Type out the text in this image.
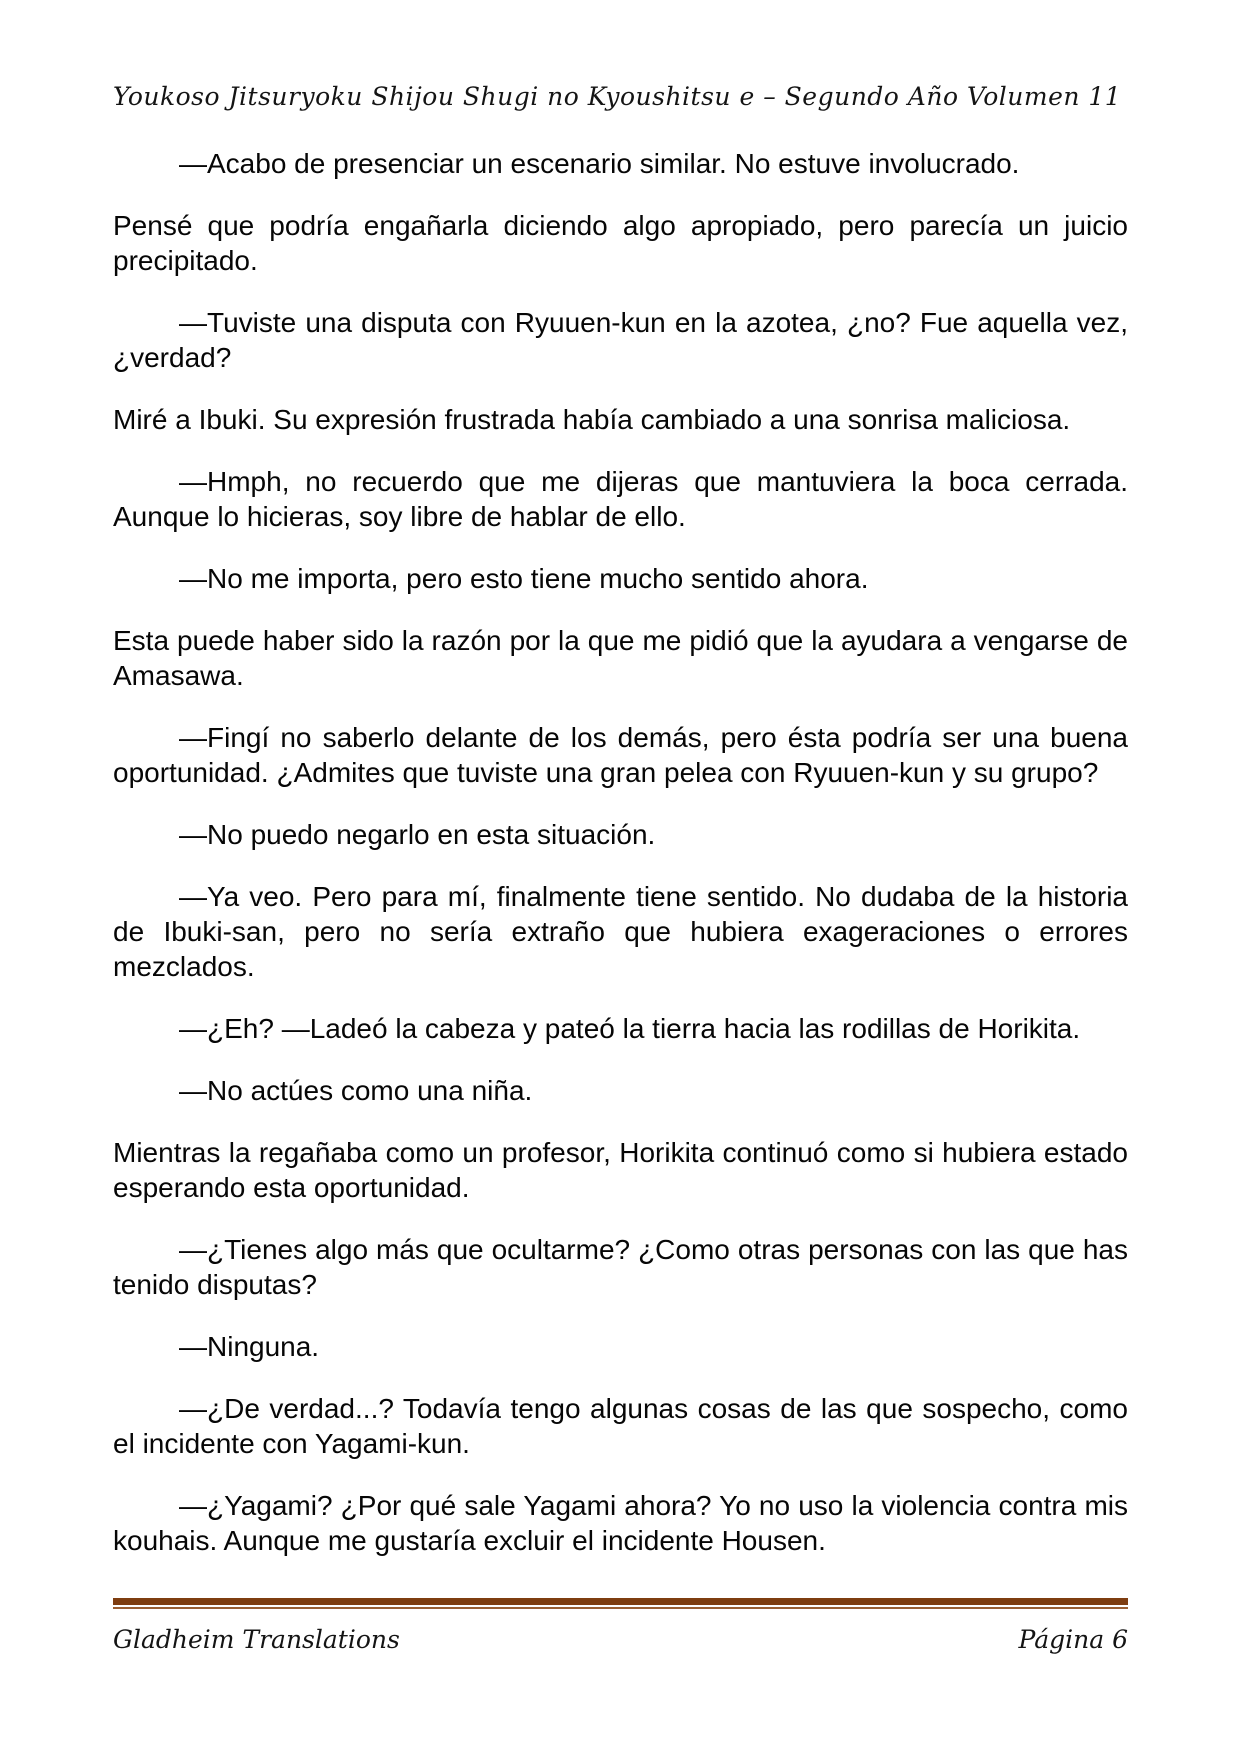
Youkoso Jitsuryoku Shijou Shugi no Kyoushitsu e – Segundo Año Volumen 11

—Acabo de presenciar un escenario similar. No estuve involucrado.

Pensé que podría engañarla diciendo algo apropiado, pero parecía un juicio precipitado.

—Tuviste una disputa con Ryuuen-kun en la azotea, ¿no? Fue aquella vez, ¿verdad?

Miré a Ibuki. Su expresión frustrada había cambiado a una sonrisa maliciosa.

—Hmph, no recuerdo que me dijeras que mantuviera la boca cerrada. Aunque lo hicieras, soy libre de hablar de ello.

—No me importa, pero esto tiene mucho sentido ahora.

Esta puede haber sido la razón por la que me pidió que la ayudara a vengarse de Amasawa.

—Fingí no saberlo delante de los demás, pero ésta podría ser una buena oportunidad. ¿Admites que tuviste una gran pelea con Ryuuen-kun y su grupo?

—No puedo negarlo en esta situación.

—Ya veo. Pero para mí, finalmente tiene sentido. No dudaba de la historia de Ibuki-san, pero no sería extraño que hubiera exageraciones o errores mezclados.

—¿Eh? —Ladeó la cabeza y pateó la tierra hacia las rodillas de Horikita.

—No actúes como una niña.

Mientras la regañaba como un profesor, Horikita continuó como si hubiera estado esperando esta oportunidad.

—¿Tienes algo más que ocultarme? ¿Como otras personas con las que has tenido disputas?

—Ninguna.

—¿De verdad...? Todavía tengo algunas cosas de las que sospecho, como el incidente con Yagami-kun.

—¿Yagami? ¿Por qué sale Yagami ahora? Yo no uso la violencia contra mis kouhais. Aunque me gustaría excluir el incidente Housen.

Gladheim Translations	Página 6
